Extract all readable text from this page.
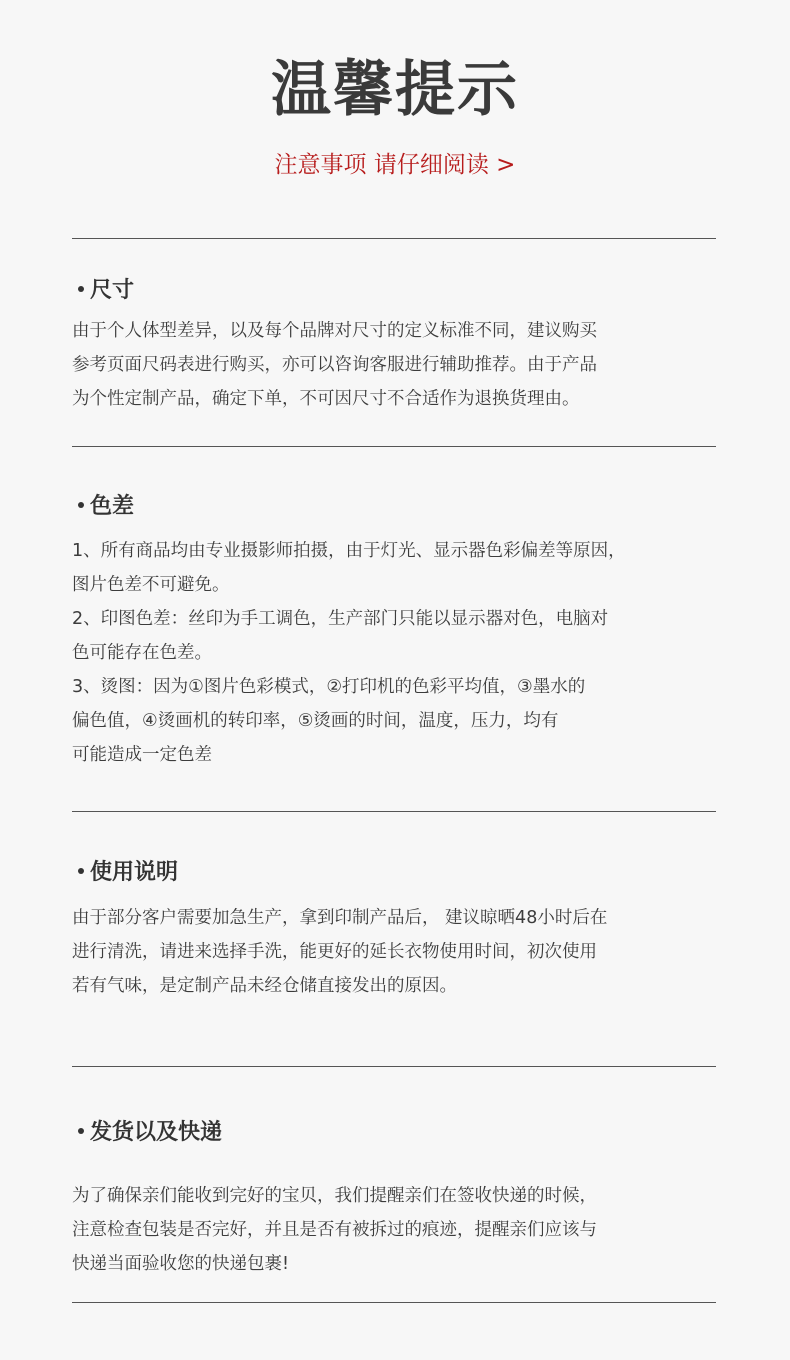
温馨提示
注意事项 请仔细阅读 >
尺寸
由于个人体型差异，以及每个品牌对尺寸的定义标准不同，建议购买
参考页面尺码表进行购买，亦可以咨询客服进行辅助推荐。由于产品
为个性定制产品，确定下单，不可因尺寸不合适作为退换货理由。
色差
1、所有商品均由专业摄影师拍摄，由于灯光、显示器色彩偏差等原因，
图片色差不可避免。
2、印图色差：丝印为手工调色，生产部门只能以显示器对色，电脑对
色可能存在色差。
3、烫图：因为①图片色彩模式，②打印机的色彩平均值，③墨水的
偏色值，④烫画机的转印率，⑤烫画的时间，温度，压力，均有
可能造成一定色差
使用说明
由于部分客户需要加急生产，拿到印制产品后， 建议晾晒48小时后在
进行清洗，请进来选择手洗，能更好的延长衣物使用时间，初次使用
若有气味，是定制产品未经仓储直接发出的原因。
发货以及快递
为了确保亲们能收到完好的宝贝，我们提醒亲们在签收快递的时候，
注意检查包装是否完好，并且是否有被拆过的痕迹，提醒亲们应该与
快递当面验收您的快递包裹!
